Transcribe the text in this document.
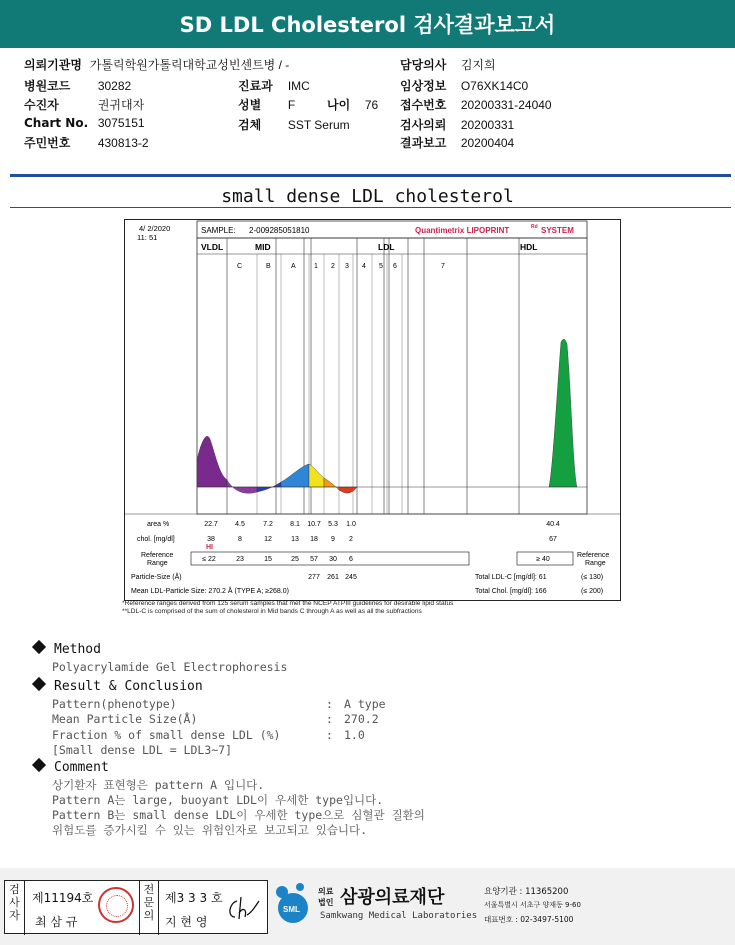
SD LDL Cholesterol 검사결과보고서
의뢰기관명 가톨릭학원가톨릭대학교성빈센트병 / -
병원코드 30282
수진자	권귀대자
Chart No. 3075151
주민번호 430813-2
진료과 IMC
성별 F	나이 76
검체 SST Serum
담당의사 김지희
임상정보 O76XK14C0
접수번호 20200331-24040
검사의뢰 20200331
결과보고 20200404
small dense LDL cholesterol
4/ 2/2020
11: 51
SAMPLE: 2-009285051810	Quantimetrix LIPOPRINT	Rd SYSTEM
VLDL	MID	LDL	HDL
C	B	A	1 2 3 4 5 6	7
area %	22.7 4.5	7.2 8.1 10.7 5.3 1.0	40.4
chol. [mg/dl]	38	8	12	13 18 9 2	67
HI
Reference
Range
≤ 22	23	15	25 57 30 6	≥ 40
Reference
Range
Particle-Size (Å)	277 261 245	Total LDL-C [mg/dl]: 61	(≤ 130)
Mean LDL-Particle Size: 270.2 Å (TYPE A; ≥268.0)	Total Chol. [mg/dl]: 166	(≤ 200)
*Reference ranges derived from 125 serum samples that met the NCEP ATPIII guidelines for desirable lipid status
**LDL-C is comprised of the sum of cholesterol in Mid bands C through A as well as all the subfractions
Method
Polyacrylamide Gel Electrophoresis
Result & Conclusion
Pattern(phenotype)	: A type
Mean Particle Size(Å)	: 270.2
Fraction % of small dense LDL (%)	: 1.0
[Small dense LDL = LDL3~7]
Comment
상기환자 표현형은 pattern A 입니다.
Pattern A는 large, buoyant LDL이 우세한 type입니다.
Pattern B는 small dense LDL이 우세한 type으로 심혈관 질환의
위험도를 증가시킬 수 있는 위험인자로 보고되고 있습니다.
검
사
자
제11194호
최 삼 규
전
문
의
제3 3 3 호
지 현 영
SML
의료
법인 삼광의료재단
Samkwang Medical Laboratories
요양기관 : 11365200
서울특별시 서초구 양재동 9-60
대표번호 : 02-3497-5100
